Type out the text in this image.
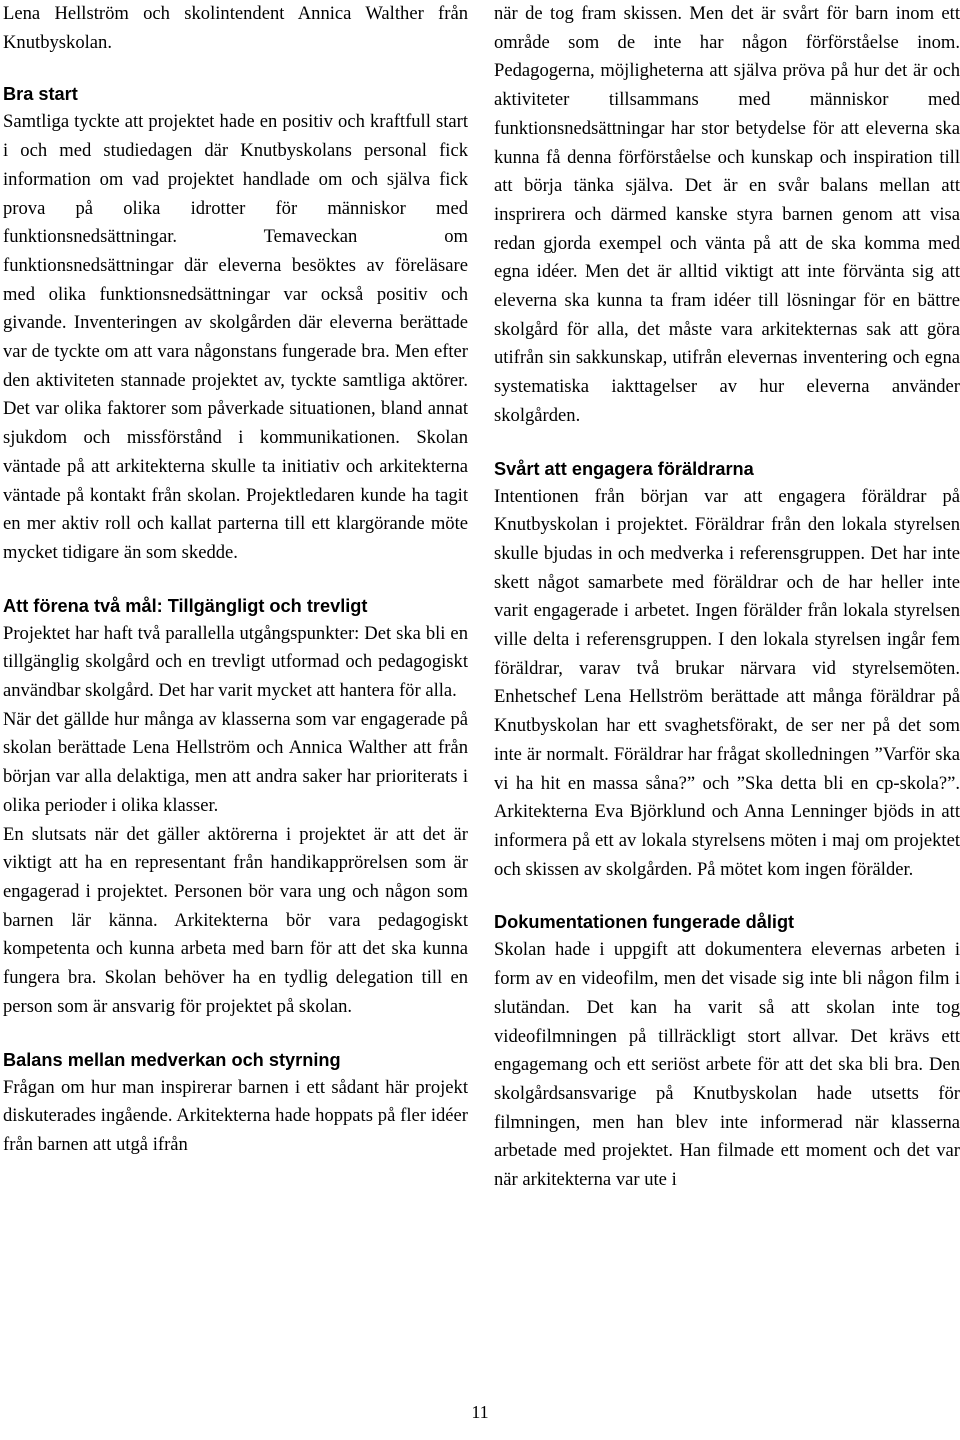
Lena Hellström och skolintendent Annica Walther från Knutbyskolan.

Bra start

Samtliga tyckte att projektet hade en positiv och kraftfull start i och med studiedagen där Knutbyskolans personal fick information om vad projektet handlade om och själva fick prova på olika idrotter för människor med funktionsnedsättningar. Temaveckan om funktionsnedsättningar där eleverna besöktes av föreläsare med olika funktionsnedsättningar var också positiv och givande. Inventeringen av skolgården där eleverna berättade var de tyckte om att vara någonstans fungerade bra. Men efter den aktiviteten stannade projektet av, tyckte samtliga aktörer. Det var olika faktorer som påverkade situationen, bland annat sjukdom och missförstånd i kommunikationen. Skolan väntade på att arkitekterna skulle ta initiativ och arkitekterna väntade på kontakt från skolan. Projektledaren kunde ha tagit en mer aktiv roll och kallat parterna till ett klargörande möte mycket tidigare än som skedde.

Att förena två mål: Tillgängligt och trevligt

Projektet har haft två parallella utgångspunkter: Det ska bli en tillgänglig skolgård och en trevligt utformad och pedagogiskt användbar skolgård. Det har varit mycket att hantera för alla.

När det gällde hur många av klasserna som var engagerade på skolan berättade Lena Hellström och Annica Walther att från början var alla delaktiga, men att andra saker har prioriterats i olika perioder i olika klasser.

En slutsats när det gäller aktörerna i projektet är att det är viktigt att ha en representant från handikapprörelsen som är engagerad i projektet. Personen bör vara ung och någon som barnen lär känna. Arkitekterna bör vara pedagogiskt kompetenta och kunna arbeta med barn för att det ska kunna fungera bra. Skolan behöver ha en tydlig delegation till en person som är ansvarig för projektet på skolan.

Balans mellan medverkan och styrning

Frågan om hur man inspirerar barnen i ett sådant här projekt diskuterades ingående. Arkitekterna hade hoppats på fler idéer från barnen att utgå ifrån

när de tog fram skissen. Men det är svårt för barn inom ett område som de inte har någon förförståelse inom. Pedagogerna, möjligheterna att själva pröva på hur det är och aktiviteter tillsammans med människor med funktionsnedsättningar har stor betydelse för att eleverna ska kunna få denna förförståelse och kunskap och inspiration till att börja tänka själva. Det är en svår balans mellan att insprirera och därmed kanske styra barnen genom att visa redan gjorda exempel och vänta på att de ska komma med egna idéer. Men det är alltid viktigt att inte förvänta sig att eleverna ska kunna ta fram idéer till lösningar för en bättre skolgård för alla, det måste vara arkitekternas sak att göra utifrån sin sakkunskap, utifrån elevernas inventering och egna systematiska iakttagelser av hur eleverna använder skolgården.

Svårt att engagera föräldrarna

Intentionen från början var att engagera föräldrar på Knutbyskolan i projektet. Föräldrar från den lokala styrelsen skulle bjudas in och medverka i referensgruppen. Det har inte skett något samarbete med föräldrar och de har heller inte varit engagerade i arbetet. Ingen förälder från lokala styrelsen ville delta i referensgruppen. I den lokala styrelsen ingår fem föräldrar, varav två brukar närvara vid styrelsemöten. Enhetschef Lena Hellström berättade att många föräldrar på Knutbyskolan har ett svaghetsförakt, de ser ner på det som inte är normalt. Föräldrar har frågat skolledningen ”Varför ska vi ha hit en massa såna?” och ”Ska detta bli en cp-skola?”. Arkitekterna Eva Björklund och Anna Lenninger bjöds in att informera på ett av lokala styrelsens möten i maj om projektet och skissen av skolgården. På mötet kom ingen förälder.

Dokumentationen fungerade dåligt

Skolan hade i uppgift att dokumentera elevernas arbeten i form av en videofilm, men det visade sig inte bli någon film i slutändan. Det kan ha varit så att skolan inte tog videofilmningen på tillräckligt stort allvar. Det krävs ett engagemang och ett seriöst arbete för att det ska bli bra. Den skolgårdsansvarige på Knutbyskolan hade utsetts för filmningen, men han blev inte informerad när klasserna arbetade med projektet. Han filmade ett moment och det var när arkitekterna var ute i

11
